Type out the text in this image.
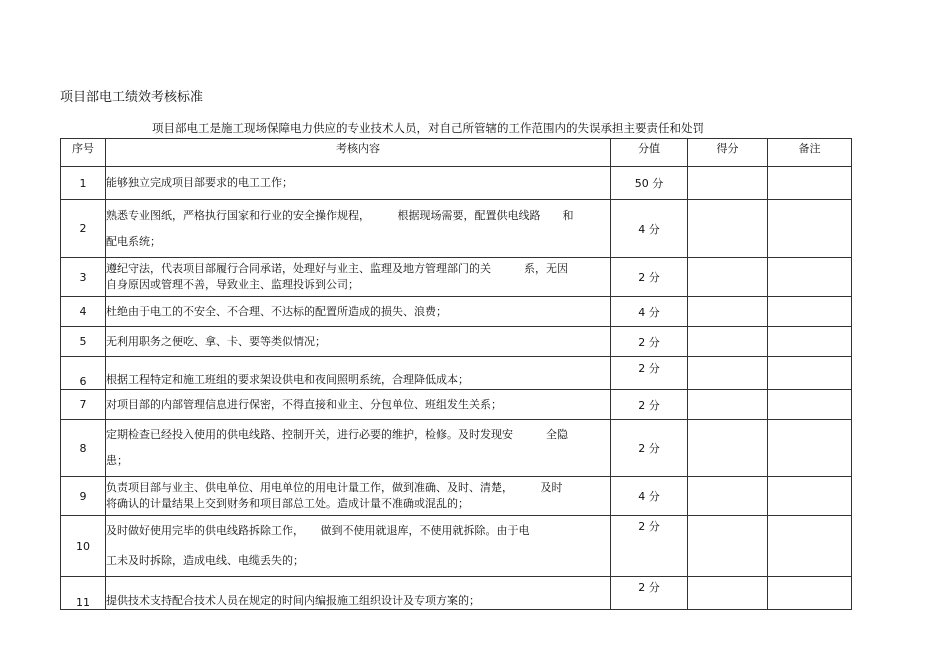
项目部电工绩效考核标准
项目部电工是施工现场保障电力供应的专业技术人员，对自己所管辖的工作范围内的失误承担主要责任和处罚
序号	考核内容	分值	得分	备注
1	能够独立完成项目部要求的电工工作；	50 分		
2	熟悉专业图纸，严格执行国家和行业的安全操作规程，　　　根据现场需要，配置供电线路　　和
配电系统；	4 分		
3	遵纪守法，代表项目部履行合同承诺，处理好与业主、监理及地方管理部门的关　　　系，无因
自身原因或管理不善，导致业主、监理投诉到公司；	2 分		
4	杜绝由于电工的不安全、不合理、不达标的配置所造成的损失、浪费；	4 分		
5	无利用职务之便吃、拿、卡、要等类似情况；	2 分		
6	根据工程特定和施工班组的要求架设供电和夜间照明系统，合理降低成本；	2 分		
7	对项目部的内部管理信息进行保密，不得直接和业主、分包单位、班组发生关系；	2 分		
8	定期检查已经投入使用的供电线路、控制开关，进行必要的维护，检修。及时发现安　　　全隐
患；	2 分		
9	负责项目部与业主、供电单位、用电单位的用电计量工作，做到准确、及时、清楚，　　　及时
将确认的计量结果上交到财务和项目部总工处。造成计量不准确或混乱的；	4 分		
10	及时做好使用完毕的供电线路拆除工作，　　做到不使用就退库，不使用就拆除。由于电
工未及时拆除，造成电线、电缆丢失的；	2 分		
11	提供技术支持配合技术人员在规定的时间内编报施工组织设计及专项方案的；	2 分		
